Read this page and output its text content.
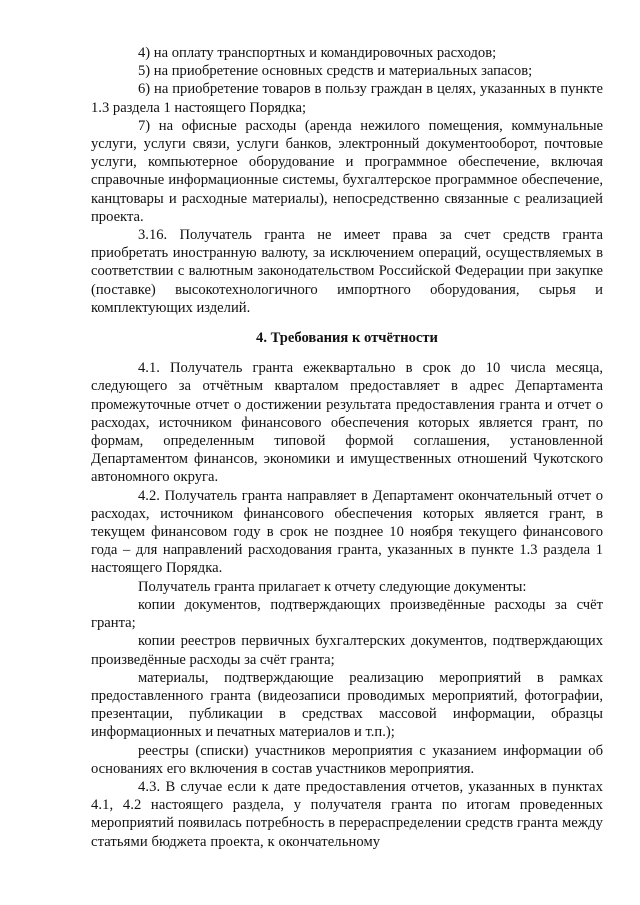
4) на оплату транспортных и командировочных расходов;

5) на приобретение основных средств и материальных запасов;

6) на приобретение товаров в пользу граждан в целях, указанных в пункте 1.3 раздела 1 настоящего Порядка;

7) на офисные расходы (аренда нежилого помещения, коммунальные услуги, услуги связи, услуги банков, электронный документооборот, почтовые услуги, компьютерное оборудование и программное обеспечение, включая справочные информационные системы, бухгалтерское программное обеспечение, канцтовары и расходные материалы), непосредственно связанные с реализацией проекта.

3.16. Получатель гранта не имеет права за счет средств гранта приобретать иностранную валюту, за исключением операций, осуществляемых в соответствии с валютным законодательством Российской Федерации при закупке (поставке) высокотехнологичного импортного оборудования, сырья и комплектующих изделий.

4. Требования к отчётности

4.1. Получатель гранта ежеквартально в срок до 10 числа месяца, следующего за отчётным кварталом предоставляет в адрес Департамента промежуточные отчет о достижении результата предоставления гранта и отчет о расходах, источником финансового обеспечения которых является грант, по формам, определенным типовой формой соглашения, установленной Департаментом финансов, экономики и имущественных отношений Чукотского автономного округа.

4.2. Получатель гранта направляет в Департамент окончательный отчет о расходах, источником финансового обеспечения которых является грант, в текущем финансовом году в срок не позднее 10 ноября текущего финансового года – для направлений расходования гранта, указанных в пункте 1.3 раздела 1 настоящего Порядка.

Получатель гранта прилагает к отчету следующие документы:

копии документов, подтверждающих произведённые расходы за счёт гранта;

копии реестров первичных бухгалтерских документов, подтверждающих произведённые расходы за счёт гранта;

материалы, подтверждающие реализацию мероприятий в рамках предоставленного гранта (видеозаписи проводимых мероприятий, фотографии, презентации, публикации в средствах массовой информации, образцы информационных и печатных материалов и т.п.);

реестры (списки) участников мероприятия с указанием информации об основаниях его включения в состав участников мероприятия.

4.3. В случае если к дате предоставления отчетов, указанных в пунктах 4.1, 4.2 настоящего раздела, у получателя гранта по итогам проведенных мероприятий появилась потребность в перераспределении средств гранта между статьями бюджета проекта, к окончательному
